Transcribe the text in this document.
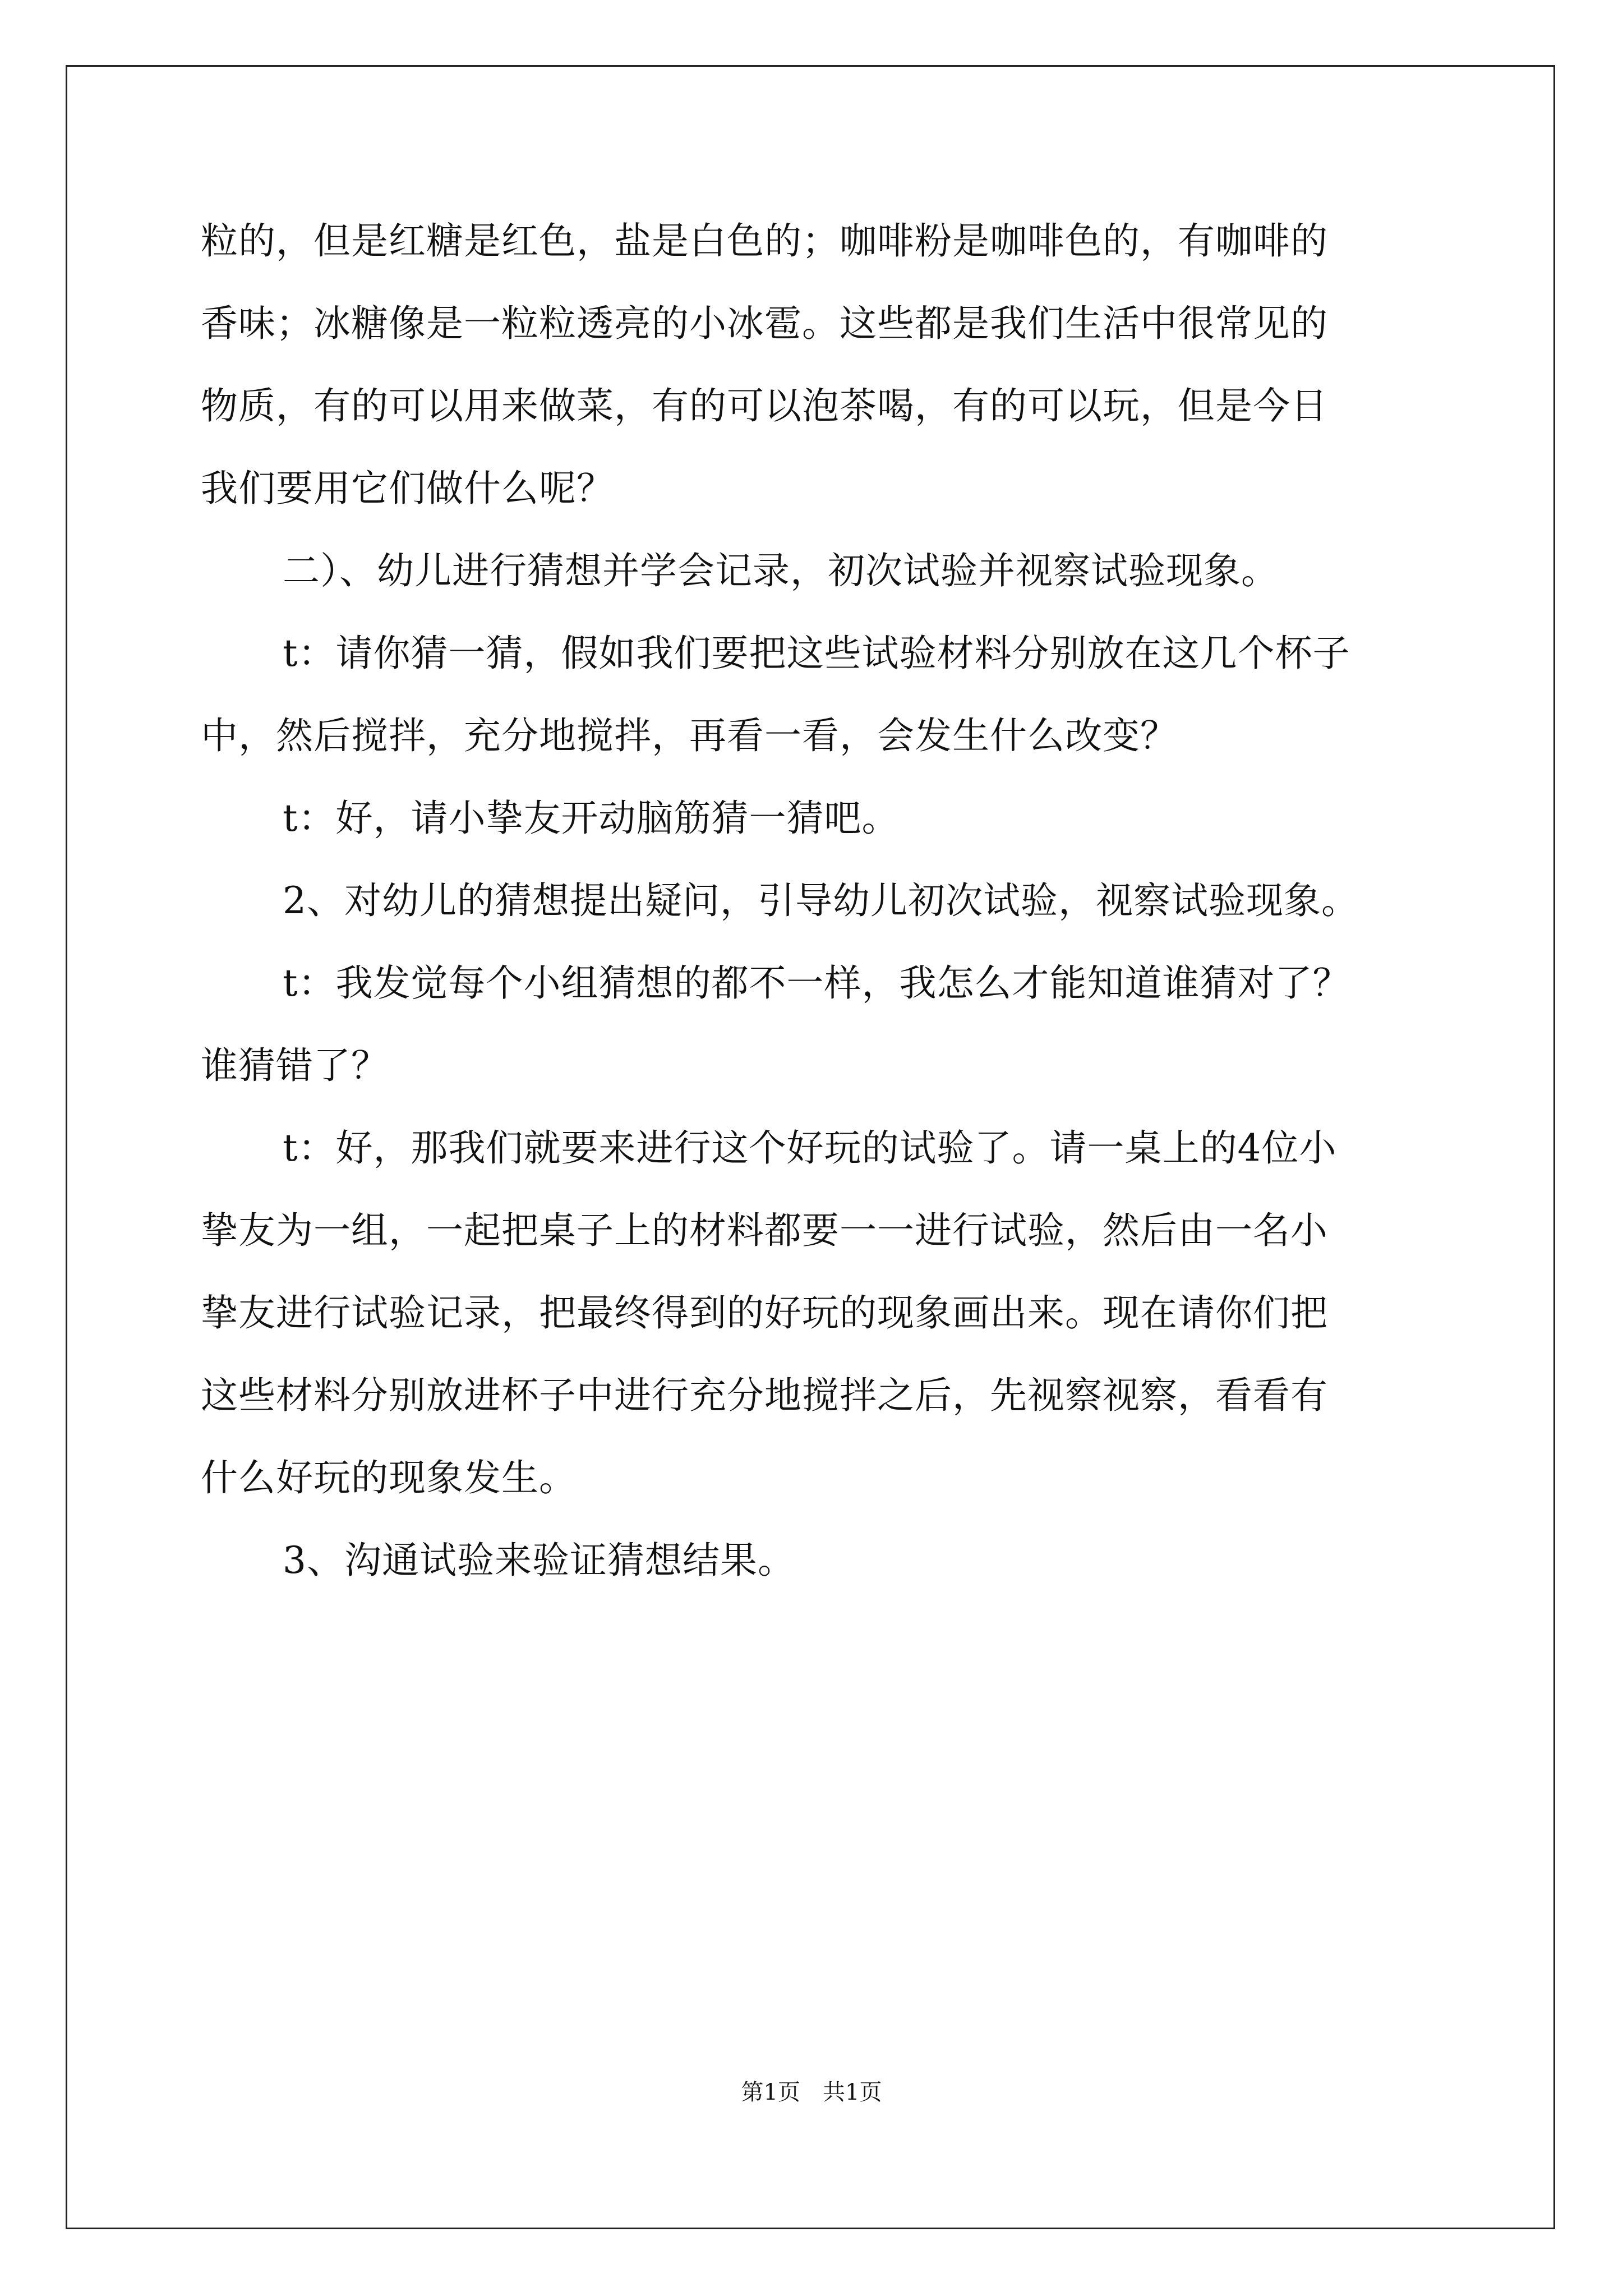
粒的，但是红糖是红色，盐是白色的；咖啡粉是咖啡色的，有咖啡的
香味；冰糖像是一粒粒透亮的小冰雹。这些都是我们生活中很常见的
物质，有的可以用来做菜，有的可以泡茶喝，有的可以玩，但是今日
我们要用它们做什么呢？
二）、幼儿进行猜想并学会记录，初次试验并视察试验现象。
t：请你猜一猜，假如我们要把这些试验材料分别放在这几个杯子
中，然后搅拌，充分地搅拌，再看一看，会发生什么改变？
t：好，请小挚友开动脑筋猜一猜吧。
2、对幼儿的猜想提出疑问，引导幼儿初次试验，视察试验现象。
t：我发觉每个小组猜想的都不一样，我怎么才能知道谁猜对了？
谁猜错了？
t：好，那我们就要来进行这个好玩的试验了。请一桌上的4位小
挚友为一组，一起把桌子上的材料都要一一进行试验，然后由一名小
挚友进行试验记录，把最终得到的好玩的现象画出来。现在请你们把
这些材料分别放进杯子中进行充分地搅拌之后，先视察视察，看看有
什么好玩的现象发生。
3、沟通试验来验证猜想结果。
第1页 共1页
